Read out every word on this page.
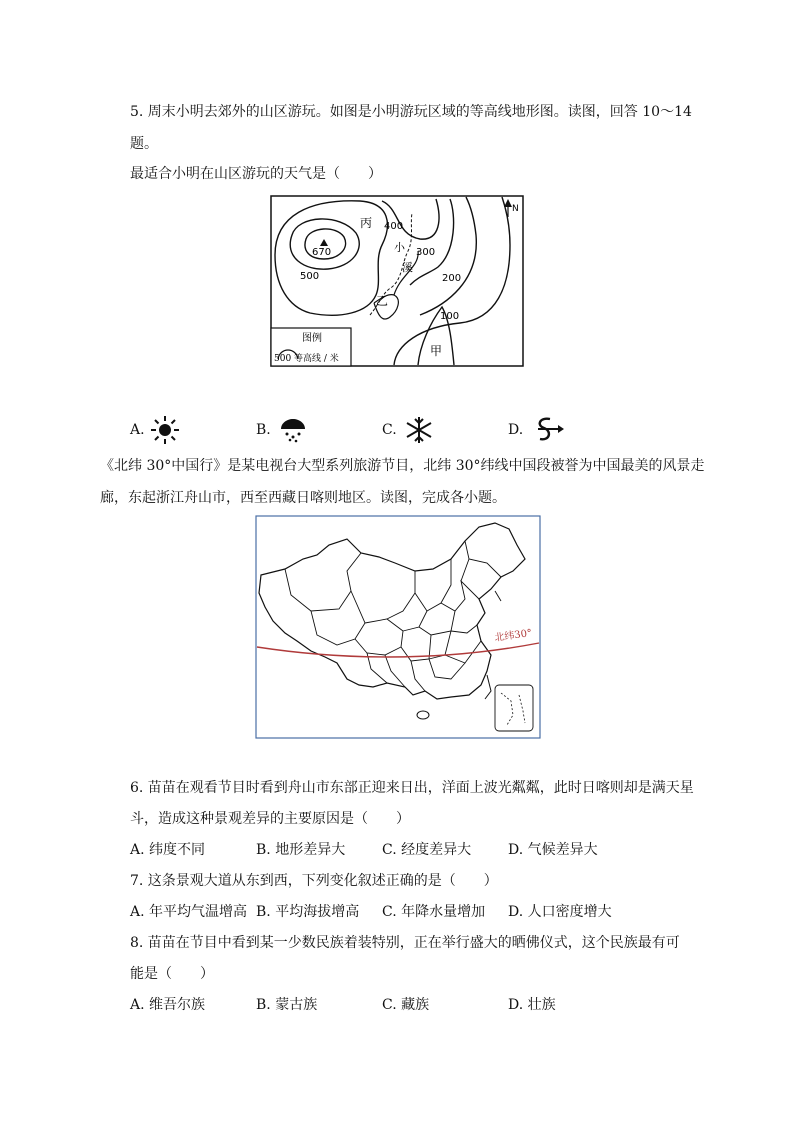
5. 周末小明去郊外的山区游玩。如图是小明游玩区域的等高线地形图。读图，回答 10～14
题。
最适合小明在山区游玩的天气是（　　）
670
500
400
300
200
100
丙
乙
甲
小
溪
N
图例
500 等高线 / 米
A.	B.	C.	D.
《北纬 30°中国行》是某电视台大型系列旅游节目，北纬 30°纬线中国段被誉为中国最美的风景走
廊，东起浙江舟山市，西至西藏日喀则地区。读图，完成各小题。
北纬30°
6. 苗苗在观看节目时看到舟山市东部正迎来日出，洋面上波光粼粼，此时日喀则却是满天星
斗，造成这种景观差异的主要原因是（　　）
A. 纬度不同	B. 地形差异大	C. 经度差异大	D. 气候差异大
7. 这条景观大道从东到西，下列变化叙述正确的是（　　）
A. 年平均气温增高 B. 平均海拔增高 C. 年降水量增加 D. 人口密度增大
8. 苗苗在节目中看到某一少数民族着装特别，正在举行盛大的晒佛仪式，这个民族最有可
能是（　　）
A. 维吾尔族	B. 蒙古族	C. 藏族	D. 壮族
